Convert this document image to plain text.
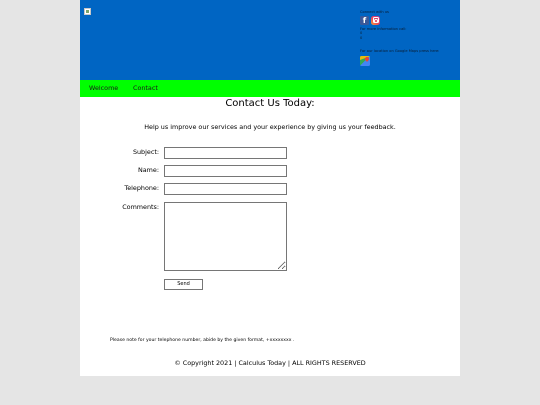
Connect with us
f
For more information call:
0
0
For our location on Google Maps press here:
Welcome Contact
Contact Us Today:
Help us improve our services and your experience by giving us your feedback.
Subject:
Name:
Telephone:
Comments:
Send
Please note for your telephone number, abide by the given format, +xxxxxxxx .
© Copyright 2021 | Calculus Today | ALL RIGHTS RESERVED
